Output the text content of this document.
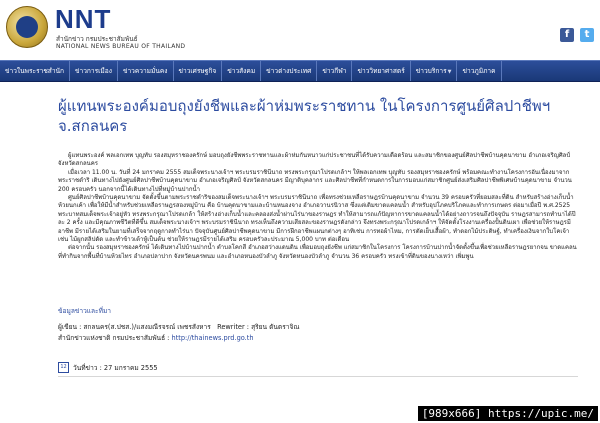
NNT
สำนักข่าว กรมประชาสัมพันธ์
NATIONAL NEWS BUREAU OF THAILAND
f	t
ข่าวในพระราชสำนัก	ข่าวการเมือง	ข่าวความมั่นคง	ข่าวเศรษฐกิจ	ข่าวสังคม	ข่าวต่างประเทศ	ข่าวกีฬา	ข่าววิทยาศาสตร์	ข่าวบริการ▼	ข่าวภูมิภาค
ผู้แทนพระองค์มอบถุงยังชีพและผ้าห่มพระราชทาน ในโครงการศูนย์ศิลปาชีพฯ จ.สกลนคร

ผู้แทนพระองค์ พลเอกเทพ บุญทับ รองสมุหราชองครักษ์ มอบถุงยังชีพพระราชทานและผ้าห่มกันหนาวแก่ประชาชนที่ได้รับความเดือดร้อน และสมาชิกของศูนย์ศิลปาชีพบ้านคุดนาขาม อำเภอเจริญศิลป์ จังหวัดสกลนคร

เมื่อเวลา 11.00 น. วันที่ 24 มกราคม 2555 สมเด็จพระนางเจ้าฯ พระบรมราชินีนาถ ทรงพระกรุณาโปรดเกล้าฯ ให้พลเอกเทพ บุญทับ รองสมุหราชองครักษ์ พร้อมคณะทำงานโครงการอันเนื่องมาจากพระราชดำริ เดินทางไปยังศูนย์ศิลปาชีพบ้านคุดนาขาม อำเภอเจริญศิลป์ จังหวัดสกลนคร มีญาติบุคลากร และศิลปาชีพที่กำหนดการในการมอบแก่สมาชิกศูนย์ส่งเสริมศิลปาชีพพิเศษบ้านคุดนาขาม จำนวน 200 ครอบครัว นอกจากนี้ได้เดินทางไปที่หมู่บ้านปากน้ำ

ศูนย์ศิลปาชีพบ้านคุดนาขาม จัดตั้งขึ้นตามพระราชดำริของสมเด็จพระนางเจ้าฯ พระบรมราชินีนาถ เพื่อทรงช่วยเหลือราษฎรบ้านคุดนาขาม จำนวน 39 ครอบครัวที่ยอมสละที่ดิน สำหรับสร้างอ่างเก็บน้ำห้วยนกเค้า เพื่อให้มีน้ำสำหรับช่วยเหลือราษฎรสองหมู่บ้าน คือ บ้านคุดนาขามและบ้านหนองจาง อำเภอวานรนิวาส ซึ่งแต่เดิมขาดแคลนน้ำ สำหรับอุปโภคบริโภคและทำการเกษตร ต่อมาเมื่อปี พ.ศ.2525 พระบาทสมเด็จพระเจ้าอยู่หัว ทรงพระกรุณาโปรดเกล้า ให้สร้างอ่างเก็บน้ำและคลองส่งน้ำผ่านไร่นาของราษฎร ทำให้สามารถแก้ปัญหาการขาดแคลนน้ำได้อย่างถาวรจนถึงปัจจุบัน ราษฎรสามารถทำนาได้ปีละ 2 ครั้ง และมีคุณภาพชีวิตที่ดีขึ้น สมเด็จพระนางเจ้าฯ พระบรมราชินีนาถ ทรงเห็นถึงความเสียสละของราษฎรดังกล่าว จึงทรงพระกรุณาโปรดเกล้าฯ ให้จัดตั้งโรงงานเครื่องปั้นดินเผา เพื่อช่วยให้ราษฎรมีอาชีพ มีรายได้เสริมในยามที่เสร็จจากฤดูกาลทำไร่นา ปัจจุบันศูนย์ศิลปาชีพคุดนาขาม มีการฝึกอาชีพแผนกต่างๆ อาทิเช่น การทอผ้าไหม, การตัดเย็บเสื้อผ้า, ทำดอกไม้ประดิษฐ์, ทำเครื่องเงินจากใบโคเจ้า เช่น ไม้ผูกสลิปดัด และทำข้าวเต้าหู้เป็นต้น ช่วยให้ราษฎรมีรายได้เสริม ครอบครัวละประมาณ 5,000 บาท ต่อเดือน

ต่อจากนั้น รองสมุหราชองครักษ์ ได้เดินทางไปบ้านปากน้ำ ตำบลโคกสี อำเภอสว่างแดนดิน เพื่อมอบถุงยังชีพ แก่สมาชิกในโครงการ โครงการบ้านปากน้ำจัดตั้งขึ้นเพื่อช่วยเหลือราษฎรยากจน ขาดแคลนที่ทำกินจากพื้นที่บ้านห้วยไทร อำเภอปลาปาก จังหวัดนครพนม และอำเภอหนองบัวลำภู จังหวัดหนองบัวลำภู จำนวน 36 ครอบครัว ทรงเข้าที่ดินของนางเหว่า เพิ่มพูน

ข้อมูลข่าวและที่มา
ผู้เขียน : สกลนคร(ส.ปชส.)/แสงมณีรจรณ์ เพชรสังหาร Rewriter : สุริยน ตันตราจิณ
สำนักข่าวแห่งชาติ กรมประชาสัมพันธ์ : http://thainews.prd.go.th
12 วันที่ข่าว : 27 มกราคม 2555
[989x666] https://upic.me/
